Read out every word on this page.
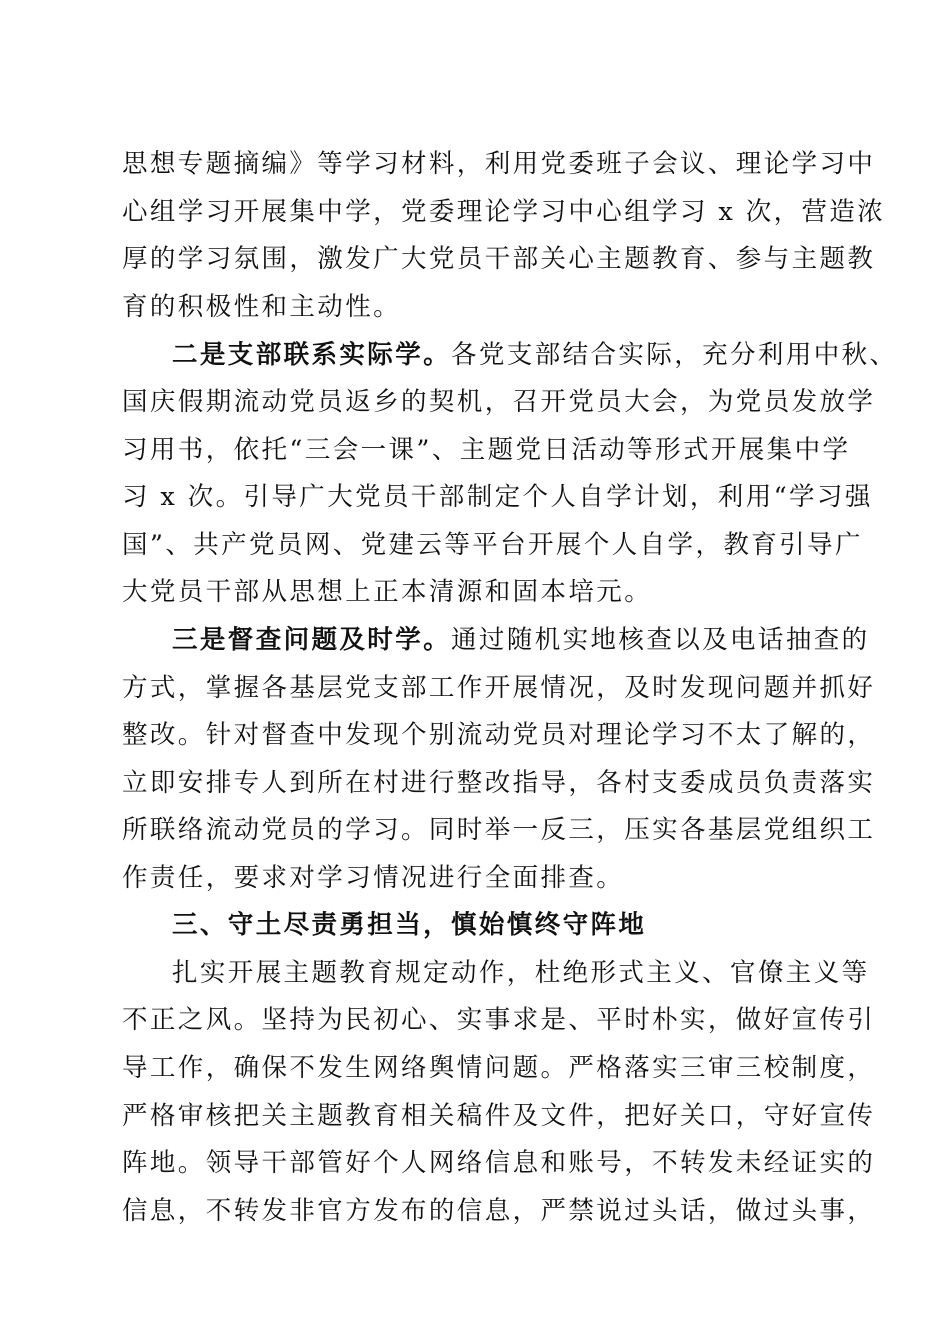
思想专题摘编》等学习材料，利用党委班子会议、理论学习中
心组学习开展集中学，党委理论学习中心组学习 x 次，营造浓
厚的学习氛围，激发广大党员干部关心主题教育、参与主题教
育的积极性和主动性。
二是支部联系实际学。各党支部结合实际，充分利用中秋、
国庆假期流动党员返乡的契机，召开党员大会，为党员发放学
习用书，依托“三会一课”、主题党日活动等形式开展集中学
习 x 次。引导广大党员干部制定个人自学计划，利用“学习强
国”、共产党员网、党建云等平台开展个人自学，教育引导广
大党员干部从思想上正本清源和固本培元。
三是督查问题及时学。通过随机实地核查以及电话抽查的
方式，掌握各基层党支部工作开展情况，及时发现问题并抓好
整改。针对督查中发现个别流动党员对理论学习不太了解的，
立即安排专人到所在村进行整改指导，各村支委成员负责落实
所联络流动党员的学习。同时举一反三，压实各基层党组织工
作责任，要求对学习情况进行全面排查。
三、守土尽责勇担当，慎始慎终守阵地
扎实开展主题教育规定动作，杜绝形式主义、官僚主义等
不正之风。坚持为民初心、实事求是、平时朴实，做好宣传引
导工作，确保不发生网络舆情问题。严格落实三审三校制度，
严格审核把关主题教育相关稿件及文件，把好关口，守好宣传
阵地。领导干部管好个人网络信息和账号，不转发未经证实的
信息，不转发非官方发布的信息，严禁说过头话，做过头事，
